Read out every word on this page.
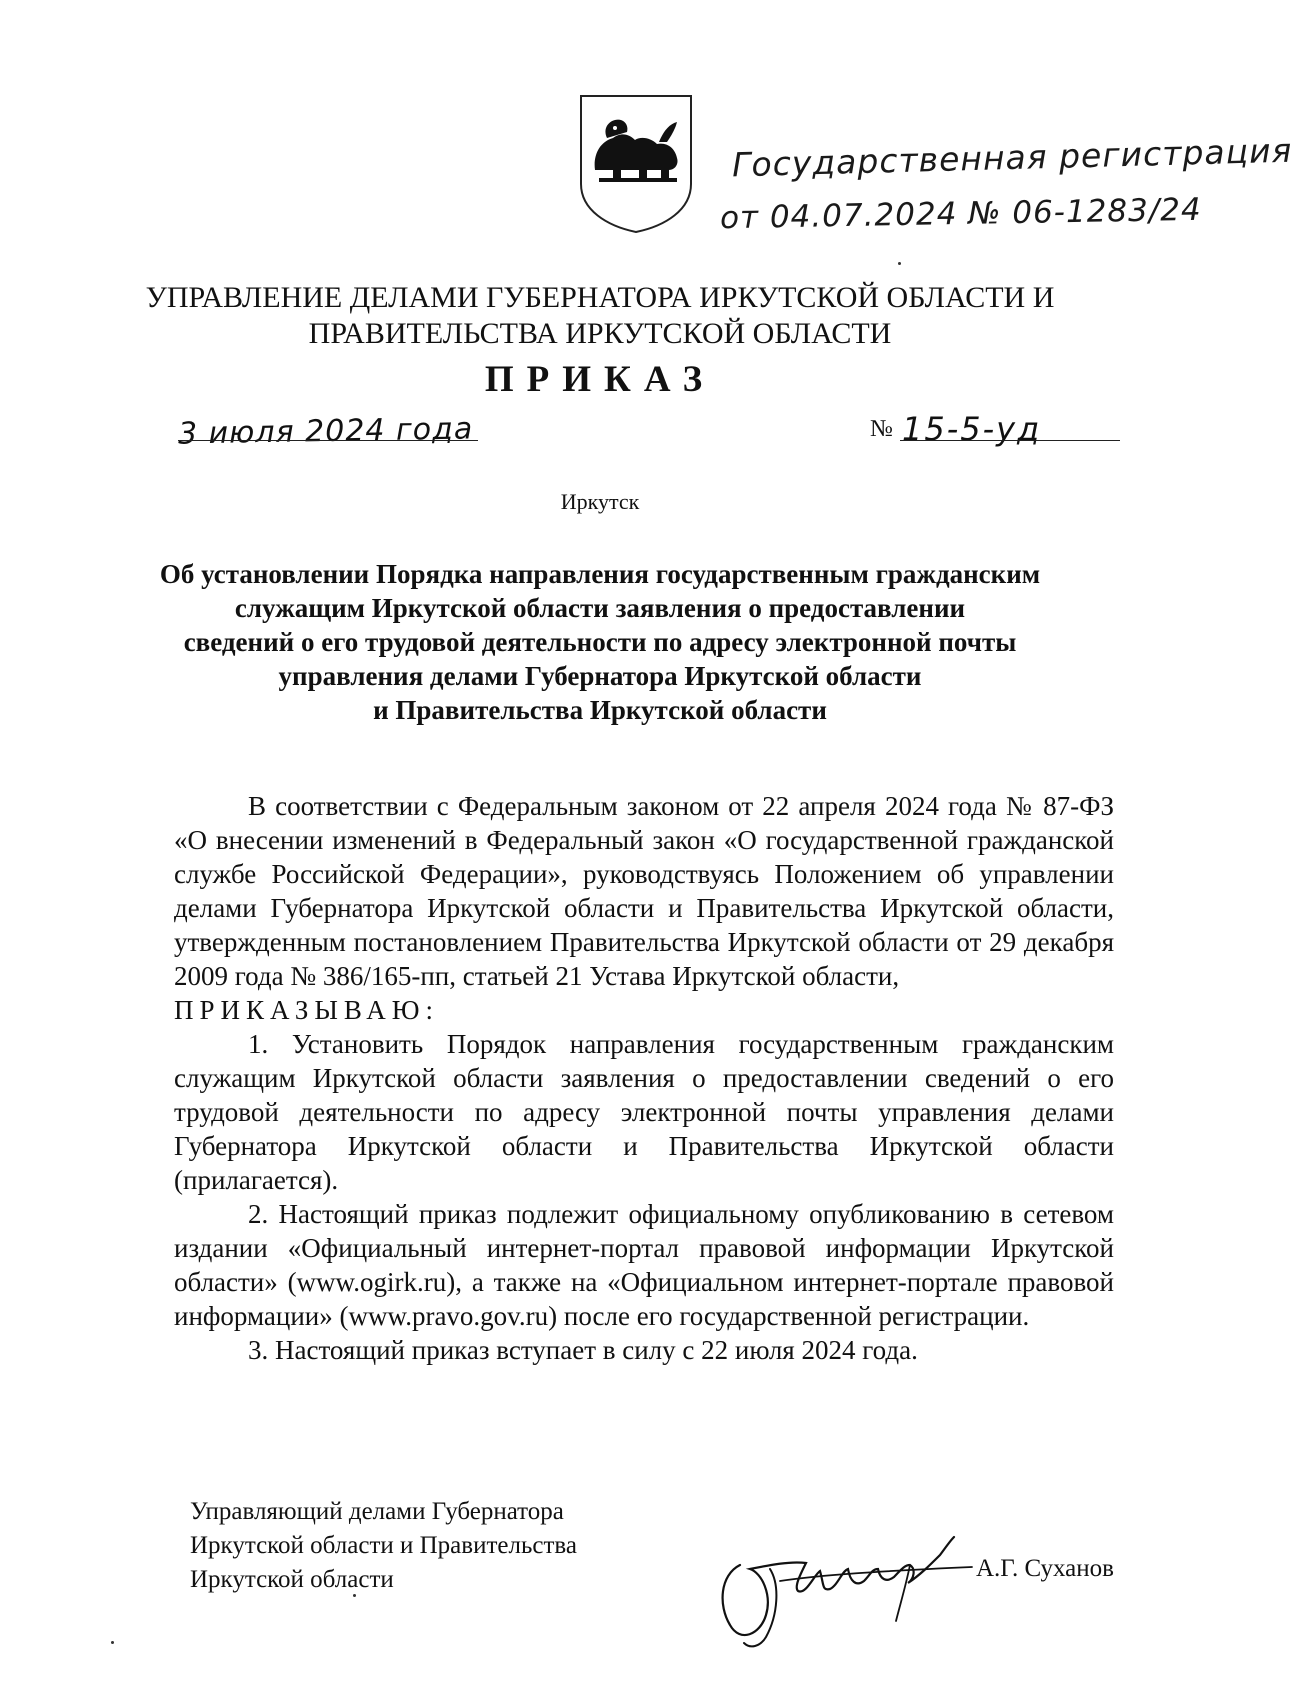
Государственная регистрация
от 04.07.2024 № 06-1283/24
УПРАВЛЕНИЕ ДЕЛАМИ ГУБЕРНАТОРА ИРКУТСКОЙ ОБЛАСТИ И
ПРАВИТЕЛЬСТВА ИРКУТСКОЙ ОБЛАСТИ
ПРИКАЗ
3 июля 2024 года	№ 15-5-уд
Иркутск
Об установлении Порядка направления государственным гражданским
служащим Иркутской области заявления о предоставлении
сведений о его трудовой деятельности по адресу электронной почты
управления делами Губернатора Иркутской области
и Правительства Иркутской области

В соответствии с Федеральным законом от 22 апреля 2024 года № 87-ФЗ «О внесении изменений в Федеральный закон «О государственной гражданской службе Российской Федерации», руководствуясь Положением об управлении делами Губернатора Иркутской области и Правительства Иркутской области, утвержденным постановлением Правительства Иркутской области от 29 декабря 2009 года № 386/165-пп, статьей 21 Устава Иркутской области,

ПРИКАЗЫВАЮ:

1. Установить Порядок направления государственным гражданским служащим Иркутской области заявления о предоставлении сведений о его трудовой деятельности по адресу электронной почты управления делами Губернатора Иркутской области и Правительства Иркутской области (прилагается).

2. Настоящий приказ подлежит официальному опубликованию в сетевом издании «Официальный интернет-портал правовой информации Иркутской области» (www.ogirk.ru), а также на «Официальном интернет-портале правовой информации» (www.pravo.gov.ru) после его государственной регистрации.

3. Настоящий приказ вступает в силу с 22 июля 2024 года.

Управляющий делами Губернатора
Иркутской области и Правительства
Иркутской области	А.Г. Суханов
